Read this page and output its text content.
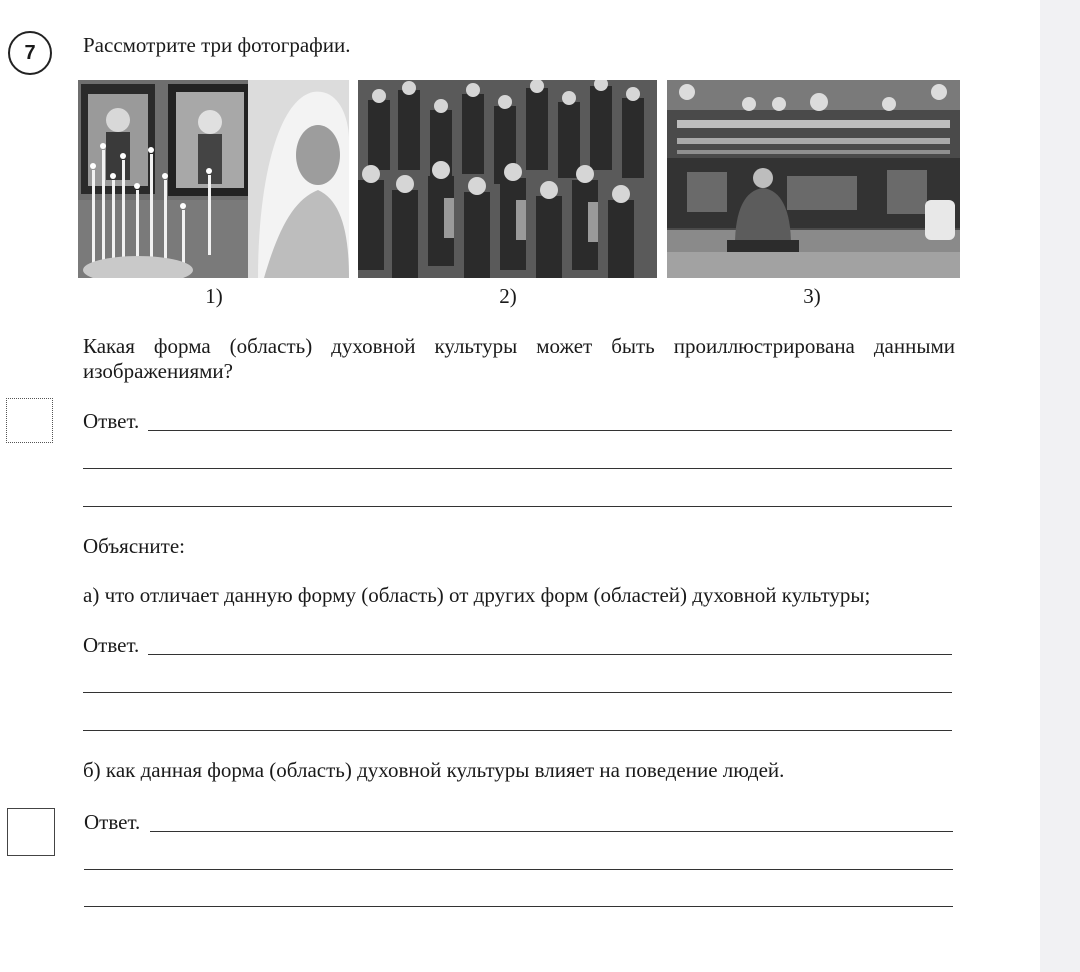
7	Рассмотрите три фотографии.
1)	2)	3)
Какая форма (область) духовной культуры может быть проиллюстрирована данными изображениями?
Ответ.
Объясните:
а) что отличает данную форму (область) от других форм (областей) духовной культуры;
Ответ.
б) как данная форма (область) духовной культуры влияет на поведение людей.
Ответ.
